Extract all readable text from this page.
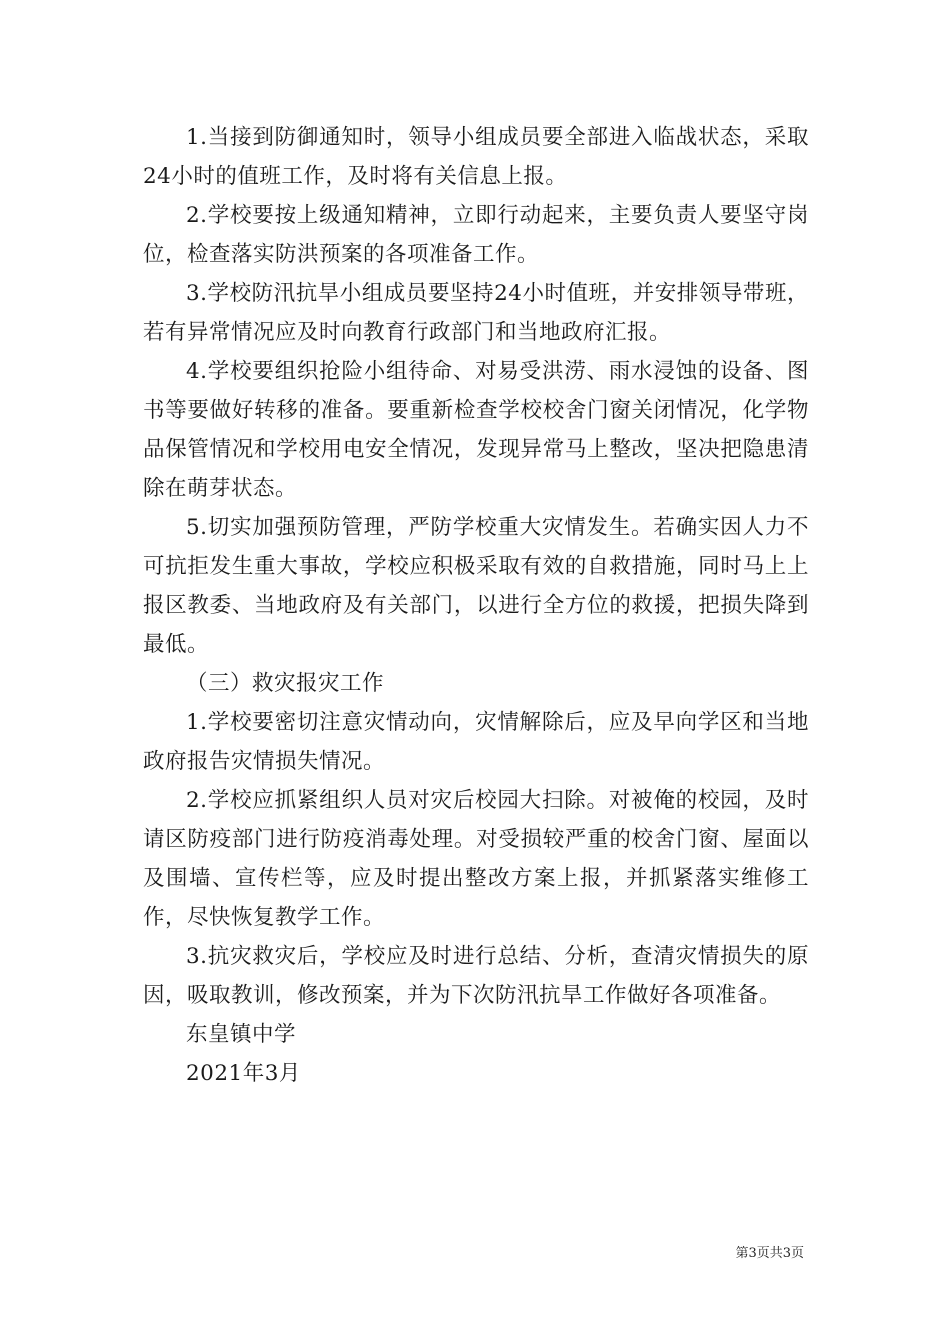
1.当接到防御通知时，领导小组成员要全部进入临战状态，采取24小时的值班工作，及时将有关信息上报。

2.学校要按上级通知精神，立即行动起来，主要负责人要坚守岗位，检查落实防洪预案的各项准备工作。

3.学校防汛抗旱小组成员要坚持24小时值班，并安排领导带班，若有异常情况应及时向教育行政部门和当地政府汇报。

4.学校要组织抢险小组待命、对易受洪涝、雨水浸蚀的设备、图书等要做好转移的准备。要重新检查学校校舍门窗关闭情况，化学物品保管情况和学校用电安全情况，发现异常马上整改，坚决把隐患清除在萌芽状态。

5.切实加强预防管理，严防学校重大灾情发生。若确实因人力不可抗拒发生重大事故，学校应积极采取有效的自救措施，同时马上上报区教委、当地政府及有关部门，以进行全方位的救援，把损失降到最低。

（三）救灾报灾工作

1.学校要密切注意灾情动向，灾情解除后，应及早向学区和当地政府报告灾情损失情况。

2.学校应抓紧组织人员对灾后校园大扫除。对被俺的校园，及时请区防疫部门进行防疫消毒处理。对受损较严重的校舍门窗、屋面以及围墙、宣传栏等，应及时提出整改方案上报，并抓紧落实维修工作，尽快恢复教学工作。

3.抗灾救灾后，学校应及时进行总结、分析，查清灾情损失的原因，吸取教训，修改预案，并为下次防汛抗旱工作做好各项准备。

东皇镇中学

2021年3月

第3页共3页
